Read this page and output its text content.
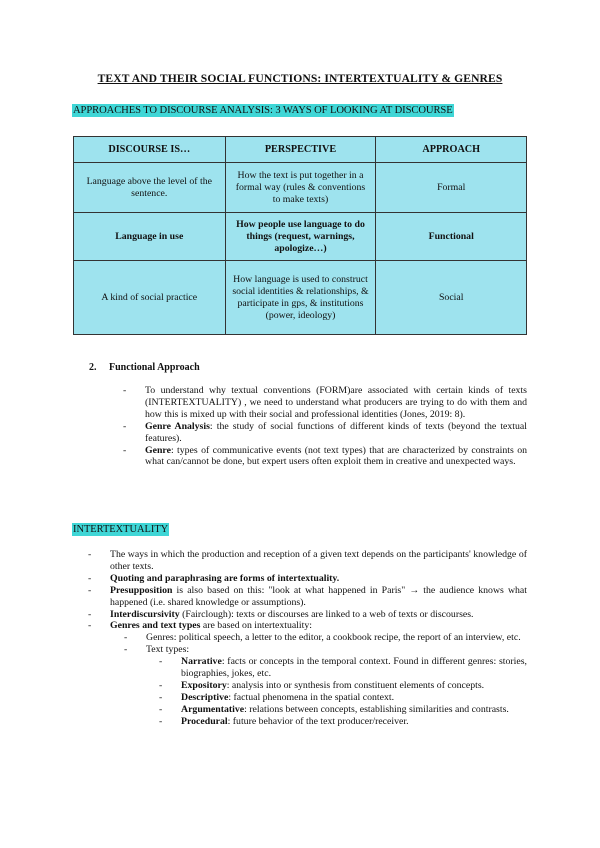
TEXT AND THEIR SOCIAL FUNCTIONS: INTERTEXTUALITY & GENRES
APPROACHES TO DISCOURSE ANALYSIS: 3 WAYS OF LOOKING AT DISCOURSE
DISCOURSE IS…	PERSPECTIVE	APPROACH
Language above the level of the sentence.	How the text is put together in a formal way (rules & conventions to make texts)	Formal
Language in use	How people use language to do things (request, warnings, apologize…)	Functional
A kind of social practice	How language is used to construct social identities & relationships, & participate in gps, & institutions (power, ideology)	Social
2. Functional Approach
- To understand why textual conventions (FORM)are associated with certain kinds of texts (INTERTEXTUALITY) , we need to understand what producers are trying to do with them and how this is mixed up with their social and professional identities (Jones, 2019: 8).
- Genre Analysis: the study of social functions of different kinds of texts (beyond the textual features).
- Genre: types of communicative events (not text types) that are characterized by constraints on what can/cannot be done, but expert users often exploit them in creative and unexpected ways.
INTERTEXTUALITY
- The ways in which the production and reception of a given text depends on the participants' knowledge of other texts.
- Quoting and paraphrasing are forms of intertextuality.
- Presupposition is also based on this: "look at what happened in Paris" → the audience knows what happened (i.e. shared knowledge or assumptions).
- Interdiscursivity (Fairclough): texts or discourses are linked to a web of texts or discourses.
- Genres and text types are based on intertextuality:
- Genres: political speech, a letter to the editor, a cookbook recipe, the report of an interview, etc.
- Text types:
- Narrative: facts or concepts in the temporal context. Found in different genres: stories, biographies, jokes, etc.
- Expository: analysis into or synthesis from constituent elements of concepts.
- Descriptive: factual phenomena in the spatial context.
- Argumentative: relations between concepts, establishing similarities and contrasts.
- Procedural: future behavior of the text producer/receiver.
